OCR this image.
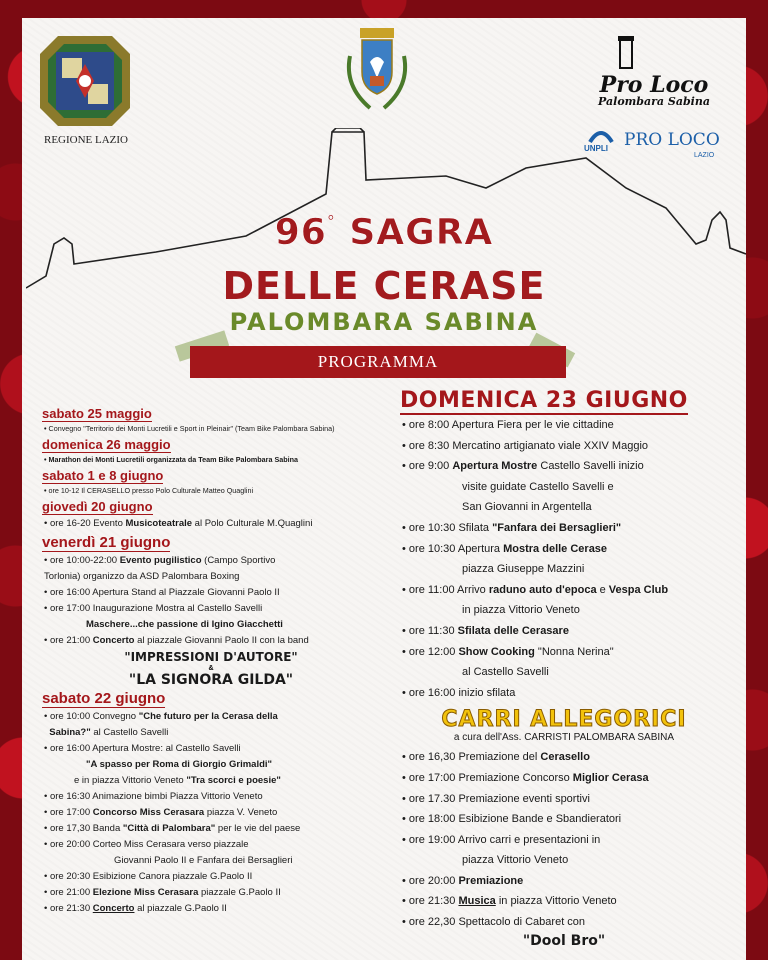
REGIONE LAZIO
Pro Loco
Palombara Sabina
UNPLI PRO LOCO
LAZIO
96° SAGRA
DELLE CERASE
PALOMBARA SABINA
PROGRAMMA
sabato 25 maggio
• Convegno "Territorio dei Monti Lucretili e Sport in Pleinair" (Team Bike Palombara Sabina)
domenica 26 maggio
• Marathon dei Monti Lucretili organizzata da Team Bike Palombara Sabina
sabato 1 e 8 giugno
• ore 10-12 Il CERASELLO presso Polo Culturale Matteo Quaglini
giovedì 20 giugno
• ore 16-20 Evento Musicoteatrale al Polo Culturale M.Quaglini
venerdì 21 giugno
• ore 10:00-22:00 Evento pugilistico (Campo Sportivo
Torlonia) organizzo da ASD Palombara Boxing
• ore 16:00 Apertura Stand al Piazzale Giovanni Paolo II
• ore 17:00 Inaugurazione Mostra al Castello Savelli
Maschere...che passione di Igino Giacchetti
• ore 21:00 Concerto al piazzale Giovanni Paolo II con la band
"IMPRESSIONI D'AUTORE"
&
"LA SIGNORA GILDA"
sabato 22 giugno
• ore 10:00 Convegno "Che futuro per la Cerasa della
Sabina?" al Castello Savelli
• ore 16:00 Apertura Mostre: al Castello Savelli
"A spasso per Roma di Giorgio Grimaldi"
e in piazza Vittorio Veneto "Tra scorci e poesie"
• ore 16:30 Animazione bimbi Piazza Vittorio Veneto
• ore 17:00 Concorso Miss Cerasara piazza V. Veneto
• ore 17,30 Banda "Città di Palombara" per le vie del paese
• ore 20:00 Corteo Miss Cerasara verso piazzale
Giovanni Paolo II e Fanfara dei Bersaglieri
• ore 20:30 Esibizione Canora piazzale G.Paolo II
• ore 21:00 Elezione Miss Cerasara piazzale G.Paolo II
• ore 21:30 Concerto al piazzale G.Paolo II
DOMENICA 23 GIUGNO
• ore 8:00 Apertura Fiera per le vie cittadine
• ore 8:30 Mercatino artigianato viale XXIV Maggio
• ore 9:00 Apertura Mostre Castello Savelli inizio
visite guidate Castello Savelli e
San Giovanni in Argentella
• ore 10:30 Sfilata "Fanfara dei Bersaglieri"
• ore 10:30 Apertura Mostra delle Cerase
piazza Giuseppe Mazzini
• ore 11:00 Arrivo raduno auto d'epoca e Vespa Club
in piazza Vittorio Veneto
• ore 11:30 Sfilata delle Cerasare
• ore 12:00 Show Cooking "Nonna Nerina"
al Castello Savelli
• ore 16:00 inizio sfilata
CARRI ALLEGORICI
a cura dell'Ass. CARRISTI PALOMBARA SABINA
• ore 16,30 Premiazione del Cerasello
• ore 17:00 Premiazione Concorso Miglior Cerasa
• ore 17.30 Premiazione eventi sportivi
• ore 18:00 Esibizione Bande e Sbandieratori
• ore 19:00 Arrivo carri e presentazioni in
piazza Vittorio Veneto
• ore 20:00 Premiazione
• ore 21:30 Musica in piazza Vittorio Veneto
• ore 22,30 Spettacolo di Cabaret con
"Dool Bro"
